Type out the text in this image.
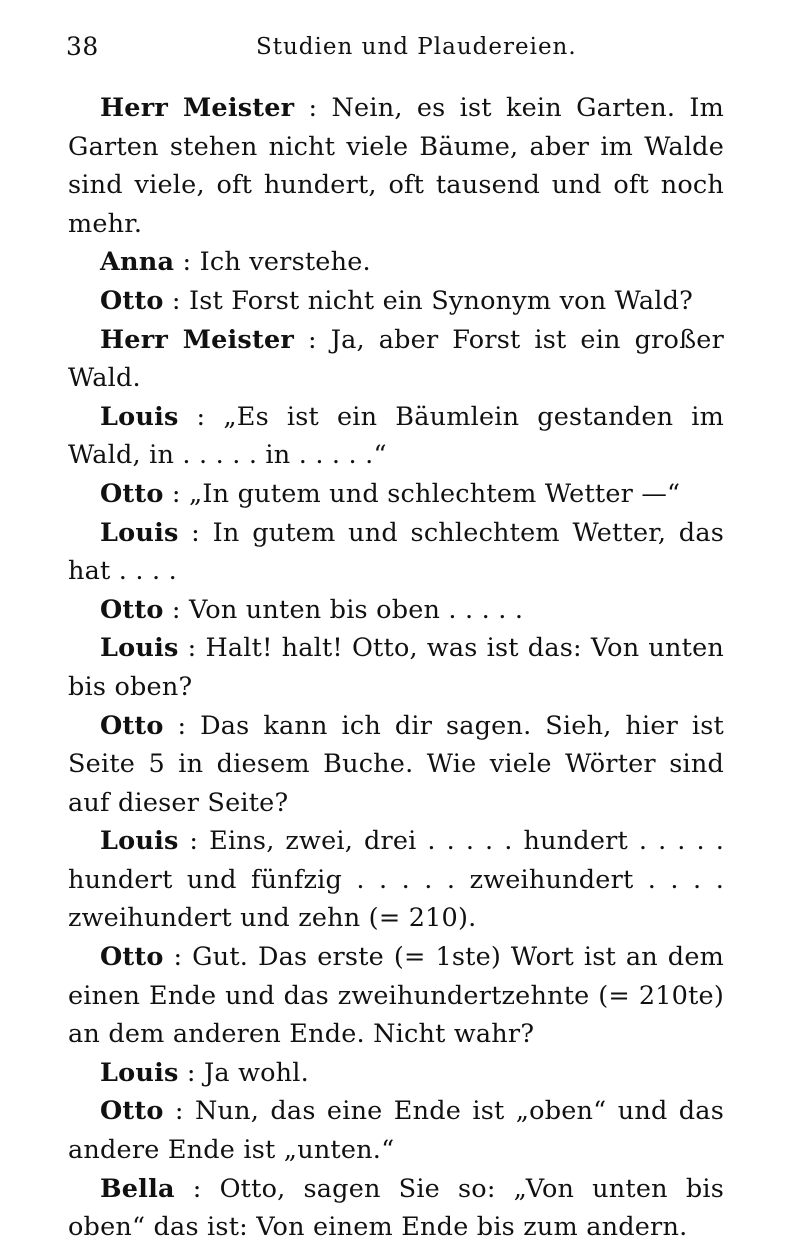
38	Studien und Plaudereien.

Herr Meister : Nein, es ist kein Garten. Im Garten stehen nicht viele Bäume, aber im Walde sind viele, oft hundert, oft tausend und oft noch mehr.

Anna : Ich verstehe.

Otto : Ist Forst nicht ein Synonym von Wald?

Herr Meister : Ja, aber Forst ist ein großer Wald.

Louis : „Es ist ein Bäumlein gestanden im Wald, in . . . . . in . . . . .“

Otto : „In gutem und schlechtem Wetter —“

Louis : In gutem und schlechtem Wetter, das hat . . . .

Otto : Von unten bis oben . . . . .

Louis : Halt! halt! Otto, was ist das: Von unten bis oben?

Otto : Das kann ich dir sagen. Sieh, hier ist Seite 5 in diesem Buche. Wie viele Wörter sind auf dieser Seite?

Louis : Eins, zwei, drei . . . . . hundert . . . . . hundert und fünfzig . . . . . zweihundert . . . . zweihundert und zehn (= 210).

Otto : Gut. Das erste (= 1ste) Wort ist an dem einen Ende und das zweihundertzehnte (= 210te) an dem anderen Ende. Nicht wahr?

Louis : Ja wohl.

Otto : Nun, das eine Ende ist „oben“ und das andere Ende ist „unten.“

Bella : Otto, sagen Sie so: „Von unten bis oben“ das ist: Von einem Ende bis zum andern.
